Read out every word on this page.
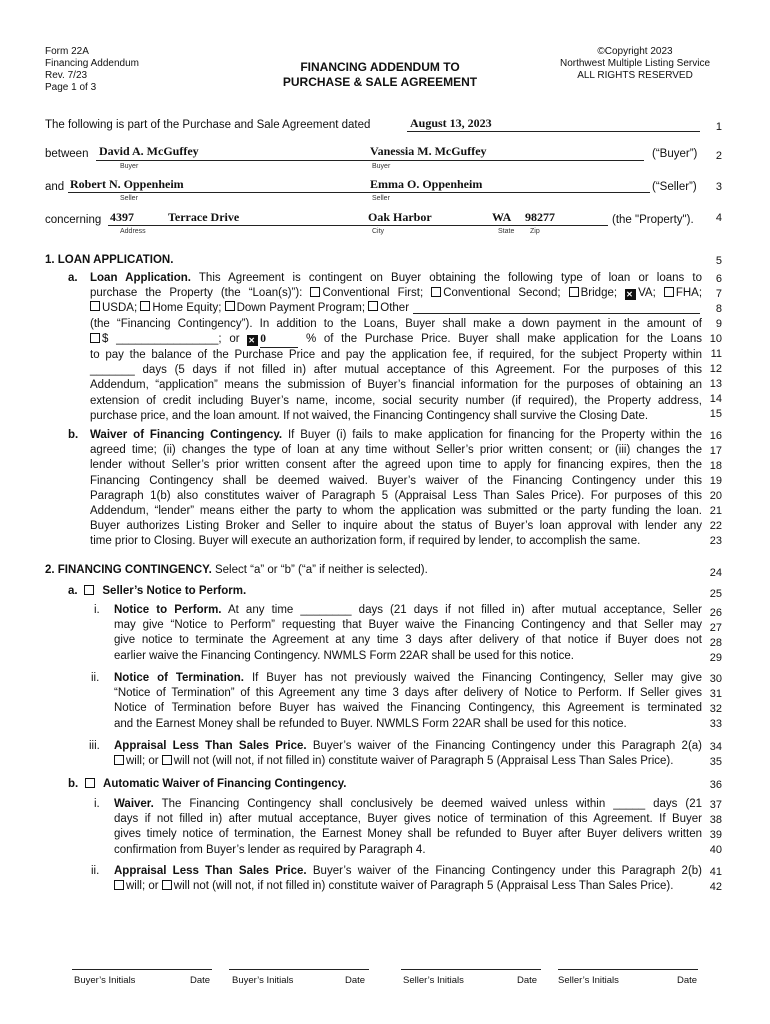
Form 22A
Financing Addendum
Rev. 7/23
Page 1 of 3
FINANCING ADDENDUM TO
PURCHASE & SALE AGREEMENT
©Copyright 2023
Northwest Multiple Listing Service
ALL RIGHTS RESERVED
The following is part of the Purchase and Sale Agreement dated	August 13, 2023
between David A. McGuffey	Vanessia M. McGuffey	(“Buyer”)
Buyer	Buyer
and Robert N. Oppenheim	Emma O. Oppenheim	(“Seller”)
Seller	Seller
concerning 4397	Terrace Drive	Oak Harbor	WA 98277	(the "Property").
Address	City	State Zip
1
2
3
4
5
6
7
8
9
10
11
12
13
14
15
16
17
18
19
20
21
22
23
24
25
26
27
28
29
30
31
32
33
34
35
36
37
38
39
40
41
42
1. LOAN APPLICATION.
a. Loan Application. This Agreement is contingent on Buyer obtaining the following type of loan or loans to
purchase the Property (the “Loan(s)”): Conventional First; Conventional Second; Bridge; ✕ VA; FHA;
USDA;
Home Equity;
Down Payment Program;
Other
(the “Financing Contingency”). In addition to the Loans, Buyer shall make a down payment in the amount of
$ ________________; or ✕ 0	% of the Purchase Price. Buyer shall make application for the Loans
to pay the balance of the Purchase Price and pay the application fee, if required, for the subject Property within
_______ days (5 days if not filled in) after mutual acceptance of this Agreement. For the purposes of this
Addendum, “application” means the submission of Buyer’s financial information for the purposes of obtaining an
extension of credit including Buyer’s name, income, social security number (if required), the Property address,
purchase price, and the loan amount. If not waived, the Financing Contingency shall survive the Closing Date.
b. Waiver of Financing Contingency. If Buyer (i) fails to make application for financing for the Property within the
agreed time; (ii) changes the type of loan at any time without Seller’s prior written consent; or (iii) changes the
lender without Seller’s prior written consent after the agreed upon time to apply for financing expires, then the
Financing Contingency shall be deemed waived. Buyer’s waiver of the Financing Contingency under this
Paragraph 1(b) also constitutes waiver of Paragraph 5 (Appraisal Less Than Sales Price). For purposes of this
Addendum, “lender” means either the party to whom the application was submitted or the party funding the loan.
Buyer authorizes Listing Broker and Seller to inquire about the status of Buyer’s loan approval with lender any
time prior to Closing. Buyer will execute an authorization form, if required by lender, to accomplish the same.
2. FINANCING CONTINGENCY. Select “a” or “b” (“a” if neither is selected).
a. Seller’s Notice to Perform.
i. Notice to Perform. At any time ________ days (21 days if not filled in) after mutual acceptance, Seller
may give “Notice to Perform” requesting that Buyer waive the Financing Contingency and that Seller may
give notice to terminate the Agreement at any time 3 days after delivery of that notice if Buyer does not
earlier waive the Financing Contingency. NWMLS Form 22AR shall be used for this notice.
ii. Notice of Termination. If Buyer has not previously waived the Financing Contingency, Seller may give
“Notice of Termination” of this Agreement any time 3 days after delivery of Notice to Perform. If Seller gives
Notice of Termination before Buyer has waived the Financing Contingency, this Agreement is terminated
and the Earnest Money shall be refunded to Buyer. NWMLS Form 22AR shall be used for this notice.
iii. Appraisal Less Than Sales Price. Buyer’s waiver of the Financing Contingency under this Paragraph 2(a)
will; or will not (will not, if not filled in) constitute waiver of Paragraph 5 (Appraisal Less Than Sales Price).
b. Automatic Waiver of Financing Contingency.
i. Waiver. The Financing Contingency shall conclusively be deemed waived unless within _____ days (21
days if not filled in) after mutual acceptance, Buyer gives notice of termination of this Agreement. If Buyer
gives timely notice of termination, the Earnest Money shall be refunded to Buyer after Buyer delivers written
confirmation from Buyer’s lender as required by Paragraph 4.
ii. Appraisal Less Than Sales Price. Buyer’s waiver of the Financing Contingency under this Paragraph 2(b)
will; or will not (will not, if not filled in) constitute waiver of Paragraph 5 (Appraisal Less Than Sales Price).
Buyer’s Initials	Date Buyer’s Initials	Date	Seller’s Initials	Date Seller’s Initials	Date
